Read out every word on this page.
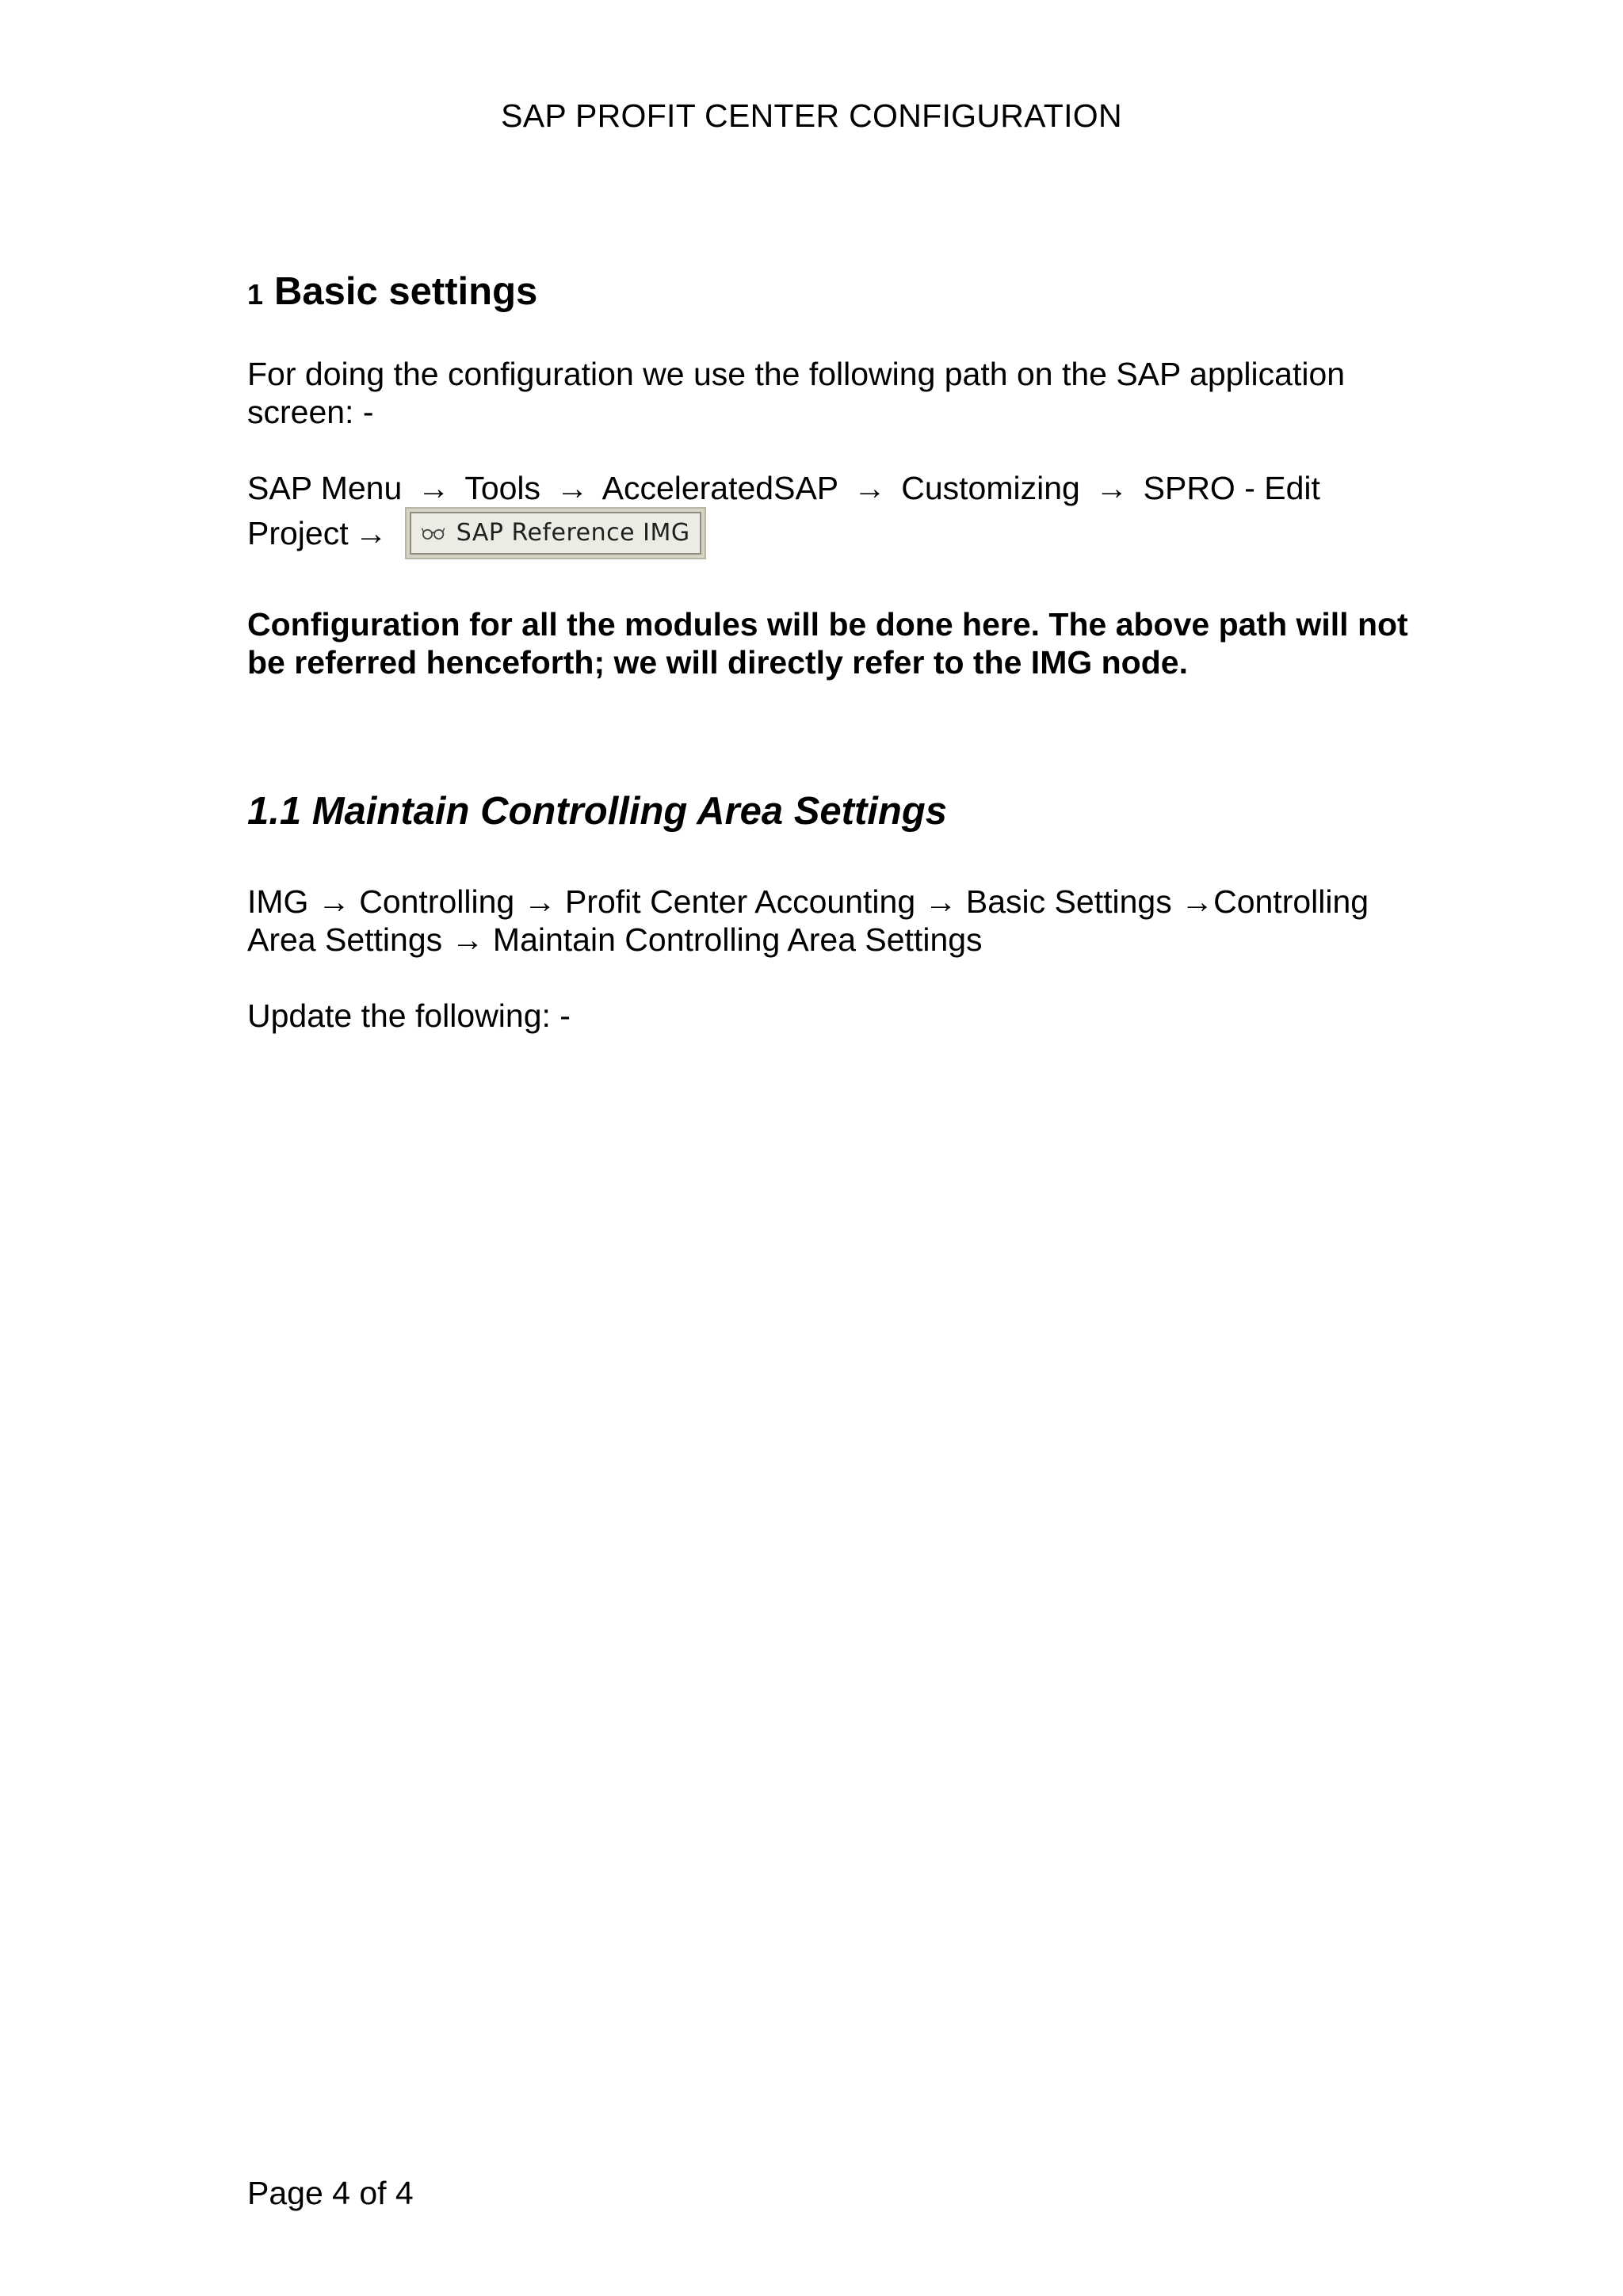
SAP PROFIT CENTER CONFIGURATION
1 Basic settings
For doing the configuration we use the following path on the SAP application screen: -
SAP Menu → Tools → AcceleratedSAP → Customizing → SPRO - Edit
Project →	SAP Reference IMG
Configuration for all the modules will be done here. The above path will not be referred henceforth; we will directly refer to the IMG node.
1.1 Maintain Controlling Area Settings
IMG → Controlling → Profit Center Accounting → Basic Settings →Controlling Area Settings → Maintain Controlling Area Settings
Update the following: -
Page 4 of 4
